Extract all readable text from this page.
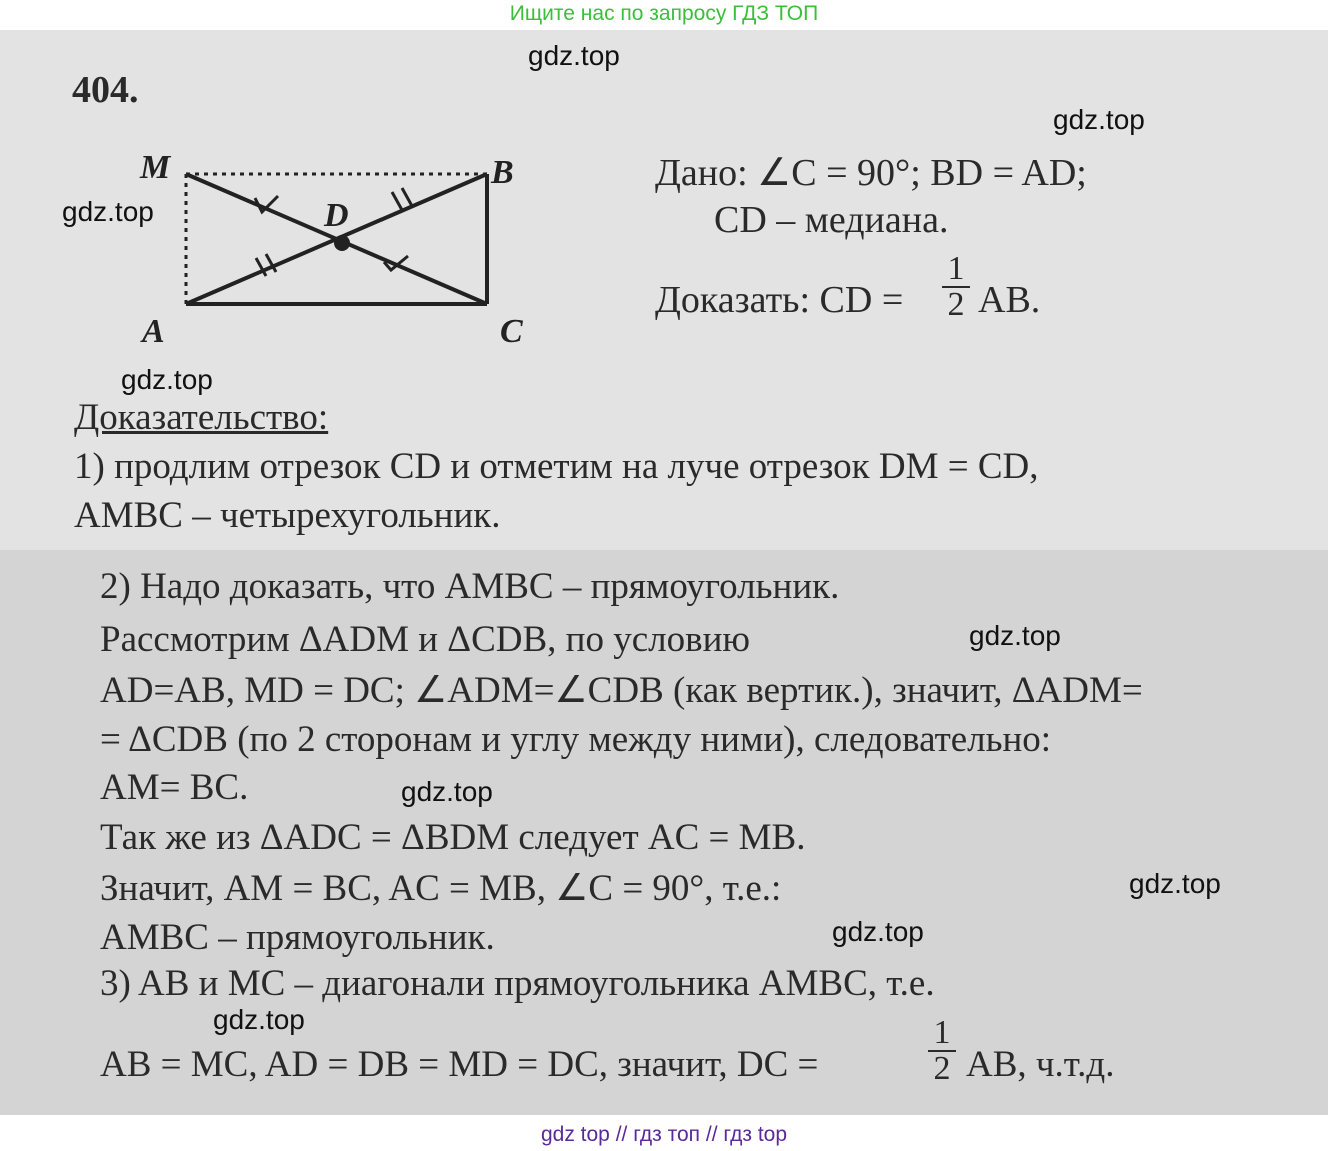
Ищите нас по запросу ГДЗ ТОП
M	B
D
A	C
404.
Дано: ∠C = 90°; BD = AD;
CD – медиана.
Доказать: CD =
1
2 AB.
Доказательство:
1) продлим отрезок CD и отметим на луче отрезок DM = CD,
AMBC – четырехугольник.
2) Надо доказать, что AMBC – прямоугольник.
Рассмотрим ΔADM и ΔCDB, по условию
AD=AB, MD = DC; ∠ADM=∠CDB (как вертик.), значит, ΔADM=
= ΔCDB (по 2 сторонам и углу между ними), следовательно:
AM= BC.
Так же из ΔADC = ΔBDM следует AC = MB.
Значит, AM = BC, AC = MB, ∠C = 90°, т.е.:
AMBC – прямоугольник.
3) AB и MC – диагонали прямоугольника AMBC, т.е.
AB = MC, AD = DB = MD = DC, значит, DC =
1
2 AB, ч.т.д.
gdz.top
gdz.top
gdz.top
gdz.top
gdz.top
gdz.top
gdz.top
gdz.top
gdz.top
gdz top // гдз топ // гдз top
